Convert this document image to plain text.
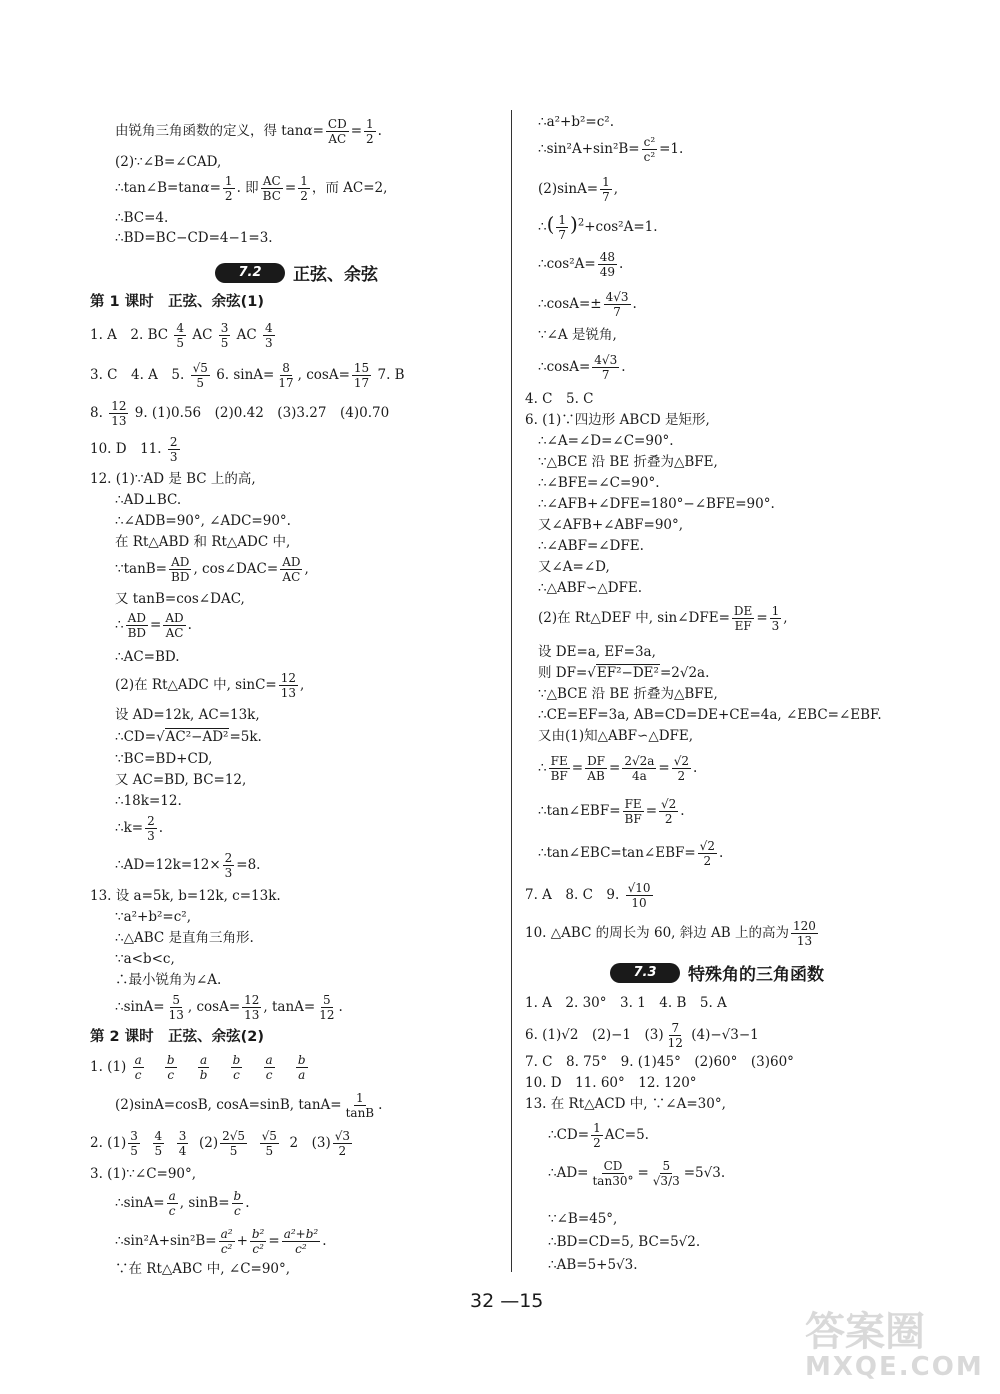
由锐角三角函数的定义，得 $\tan\alpha= \frac{CD}{AC} = \frac{1}{2}$ .
(2)∵∠B=∠CAD,
∴tan∠B=tanα= $\frac{1}{2}$ . 即 $\frac{AC}{BC} = \frac{1}{2}$ ，而 AC=2,
∴BC=4.
∴BD=BC−CD=4−1=3.
7.2	正弦、余弦
第 1 课时　正弦、余弦(1)
1. A　2. BC $\frac{4}{5}$ AC $\frac{3}{5}$ AC $\frac{4}{3}$
3. C　4. A　5. $\frac{√5}{5} 6$. $\sin A= \frac{8}{17}$ , $\cos A= \frac{15}{17} 7$. B
8. $\frac{12}{13} 9$. (1)0.56　(2)0.42　(3)3.27　(4)0.70
10. D　11. $\frac{2}{3}$
12. (1)∵AD 是 BC 上的高,
∴AD⊥BC.
∴∠ADB=90°, ∠ADC=90°.
在 Rt△ABD 和 Rt△ADC 中,
∵tanB= $\frac{AD}{BD}$ , cos∠DAC= $\frac{AD}{AC}$ ,
又 tanB=cos∠DAC,
∴ $\frac{AD}{BD} = \frac{AD}{AC}$ .
∴AC=BD.
(2)在 Rt△ADC 中, $\sin C= \frac{12}{13}$ ,
设 AD=12k, AC=13k,
∴CD=√AC²−AD²=5k.
∵BC=BD+CD,
又 AC=BD, BC=12,
∴18k=12.
∴k= $\frac{2}{3}$ .
∴AD=12k=12× $\frac{2}{3} =8$.
13. 设 a=5k, b=12k, c=13k.
∵a²+b²=c²,
∴△ABC 是直角三角形.
∵a<b<c,
∴最小锐角为∠A.
∴sinA= $\frac{5}{13}$ , $\cos A= \frac{12}{13}$ , $\tan A= \frac{5}{12}$ .
第 2 课时　正弦、余弦(2)
1. $(1) \frac{a}{c}$
$\frac{b}{c}$
$\frac{a}{b}$
$\frac{b}{c}$
$\frac{a}{c}$
$\frac{b}{a}$
(2)sinA=cosB, cosA=sinB, $\tan A= \frac{1}{\tan B}$ .
2. $(1) \frac{3}{5}$
$\frac{4}{5}$
$\frac{3}{4} (2) \frac{2√5}{5}$
$\frac{√5}{5} 2$　$(3) \frac{√3}{2}$
3. (1)∵∠C=90°,
∴sinA= $\frac{a}{c}$ , $\sin B= \frac{b}{c}$ .
∴sin²A+sin²B= $\frac{\text{a²}}{\text{c²}} + \frac{\text{b²}}{\text{c²}} = \frac{\text{a²+b²}}{\text{c²}}$ .
∵在 Rt△ABC 中, ∠C=90°,
∴a²+b²=c².
∴sin²A+sin²B= $\frac{\text{c²}}{\text{c²}} =1$.
$(2)\sin A= \frac{1}{7}$ ,
∴( $\frac{1}{7} )^2+\cos^2A=1$.
∴cos²A= $\frac{48}{49}$ .
∴cosA=± $\frac{4√3}{7}$ .
∵∠A 是锐角,
∴cosA= $\frac{4√3}{7}$ .
4. C　5. C
6. (1)∵四边形 ABCD 是矩形,
∴∠A=∠D=∠C=90°.
∵△BCE 沿 BE 折叠为△BFE,
∴∠BFE=∠C=90°.
∴∠AFB+∠DFE=180°−∠BFE=90°.
又∠AFB+∠ABF=90°,
∴∠ABF=∠DFE.
又∠A=∠D,
∴△ABF∽△DFE.
(2)在 Rt△DEF 中, sin∠DFE= $\frac{DE}{EF} = \frac{1}{3}$ ,
设 DE=a, EF=3a,
则 DF=√EF²−DE²=2√2a.
∵△BCE 沿 BE 折叠为△BFE,
∴CE=EF=3a, AB=CD=DE+CE=4a, ∠EBC=∠EBF.
又由(1)知△ABF∽△DFE,
∴ $\frac{FE}{BF} = \frac{DF}{AB} = \frac{2√2a}{4a} = \frac{√2}{2}$ .
∴tan∠EBF= $\frac{FE}{BF} = \frac{√2}{2}$ .
∴tan∠EBC=tan∠EBF= $\frac{√2}{2}$ .
7. A　8. C　9. $\frac{√10}{10}$
10. △ABC 的周长为 60, 斜边 AB 上的高为 $\frac{120}{13}$
7.3	特殊角的三角函数
1. A　2. 30°　3. 1　4. B　5. A
6. (1)√2　(2)−1　$(3) \frac{7}{12} (4)-√3-1$
7. C　8. 75°　9. (1)45°　(2)60°　(3)60°
10. D　11. 60°　12. 120°
13. 在 Rt△ACD 中, ∵∠A=30°,
∴CD= $\frac{1}{2} AC=5$.
∴AD= $\frac{CD}{\tan 30^\circ} = \frac{5}{√3/3} =5√3$.
∵∠B=45°,
∴BD=CD=5, BC=5√2.
∴AB=5+5√3.
32 —15
答案圈
MXQE.COM
